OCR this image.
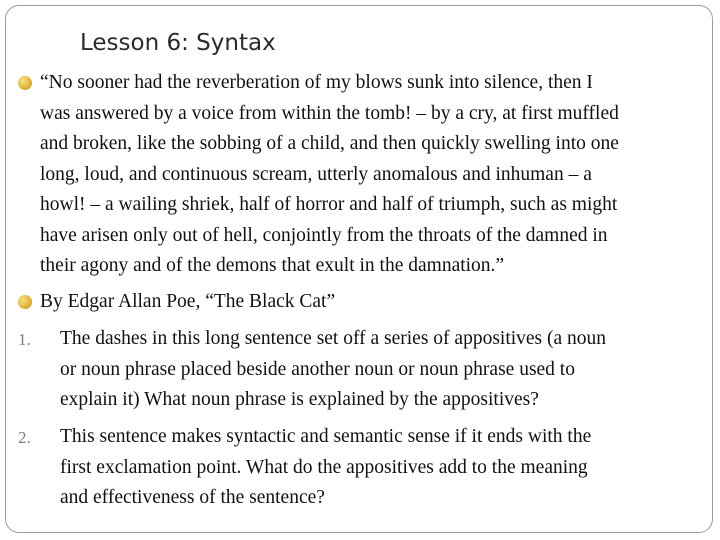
Lesson 6: Syntax
“No sooner had the reverberation of my blows sunk into silence, then I
was answered by a voice from within the tomb! – by a cry, at first muffled
and broken, like the sobbing of a child, and then quickly swelling into one
long, loud, and continuous scream, utterly anomalous and inhuman – a
howl! – a wailing shriek, half of horror and half of triumph, such as might
have arisen only out of hell, conjointly from the throats of the damned in
their agony and of the demons that exult in the damnation.”
By Edgar Allan Poe, “The Black Cat”
1. The dashes in this long sentence set off a series of appositives (a noun
or noun phrase placed beside another noun or noun phrase used to
explain it) What noun phrase is explained by the appositives?
2. This sentence makes syntactic and semantic sense if it ends with the
first exclamation point. What do the appositives add to the meaning
and effectiveness of the sentence?
